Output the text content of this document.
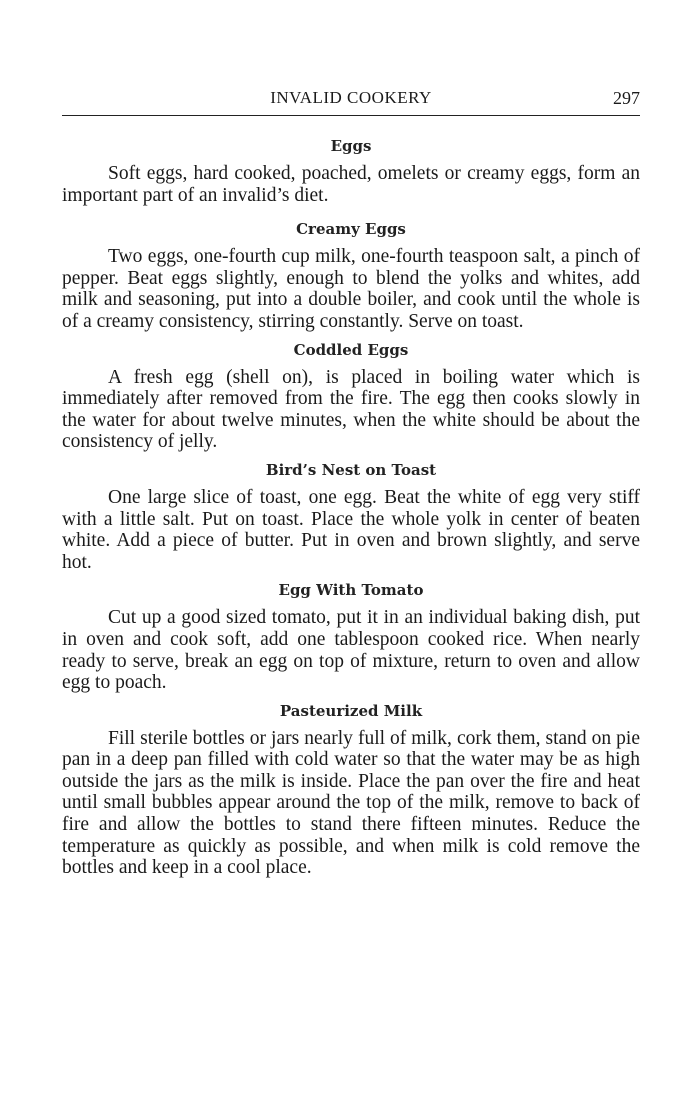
INVALID COOKERY	297
Eggs

Soft eggs, hard cooked, poached, omelets or creamy eggs, form an important part of an invalid’s diet.

Creamy Eggs

Two eggs, one-fourth cup milk, one-fourth teaspoon salt, a pinch of pepper. Beat eggs slightly, enough to blend the yolks and whites, add milk and seasoning, put into a double boiler, and cook until the whole is of a creamy consistency, stirring constantly. Serve on toast.

Coddled Eggs

A fresh egg (shell on), is placed in boiling water which is immediately after removed from the fire. The egg then cooks slowly in the water for about twelve minutes, when the white should be about the consistency of jelly.

Bird’s Nest on Toast

One large slice of toast, one egg. Beat the white of egg very stiff with a little salt. Put on toast. Place the whole yolk in center of beaten white. Add a piece of butter. Put in oven and brown slightly, and serve hot.

Egg With Tomato

Cut up a good sized tomato, put it in an individual baking dish, put in oven and cook soft, add one tablespoon cooked rice. When nearly ready to serve, break an egg on top of mixture, return to oven and allow egg to poach.

Pasteurized Milk

Fill sterile bottles or jars nearly full of milk, cork them, stand on pie pan in a deep pan filled with cold water so that the water may be as high outside the jars as the milk is inside. Place the pan over the fire and heat until small bubbles appear around the top of the milk, remove to back of fire and allow the bottles to stand there fifteen minutes. Reduce the temperature as quickly as possible, and when milk is cold remove the bottles and keep in a cool place.
